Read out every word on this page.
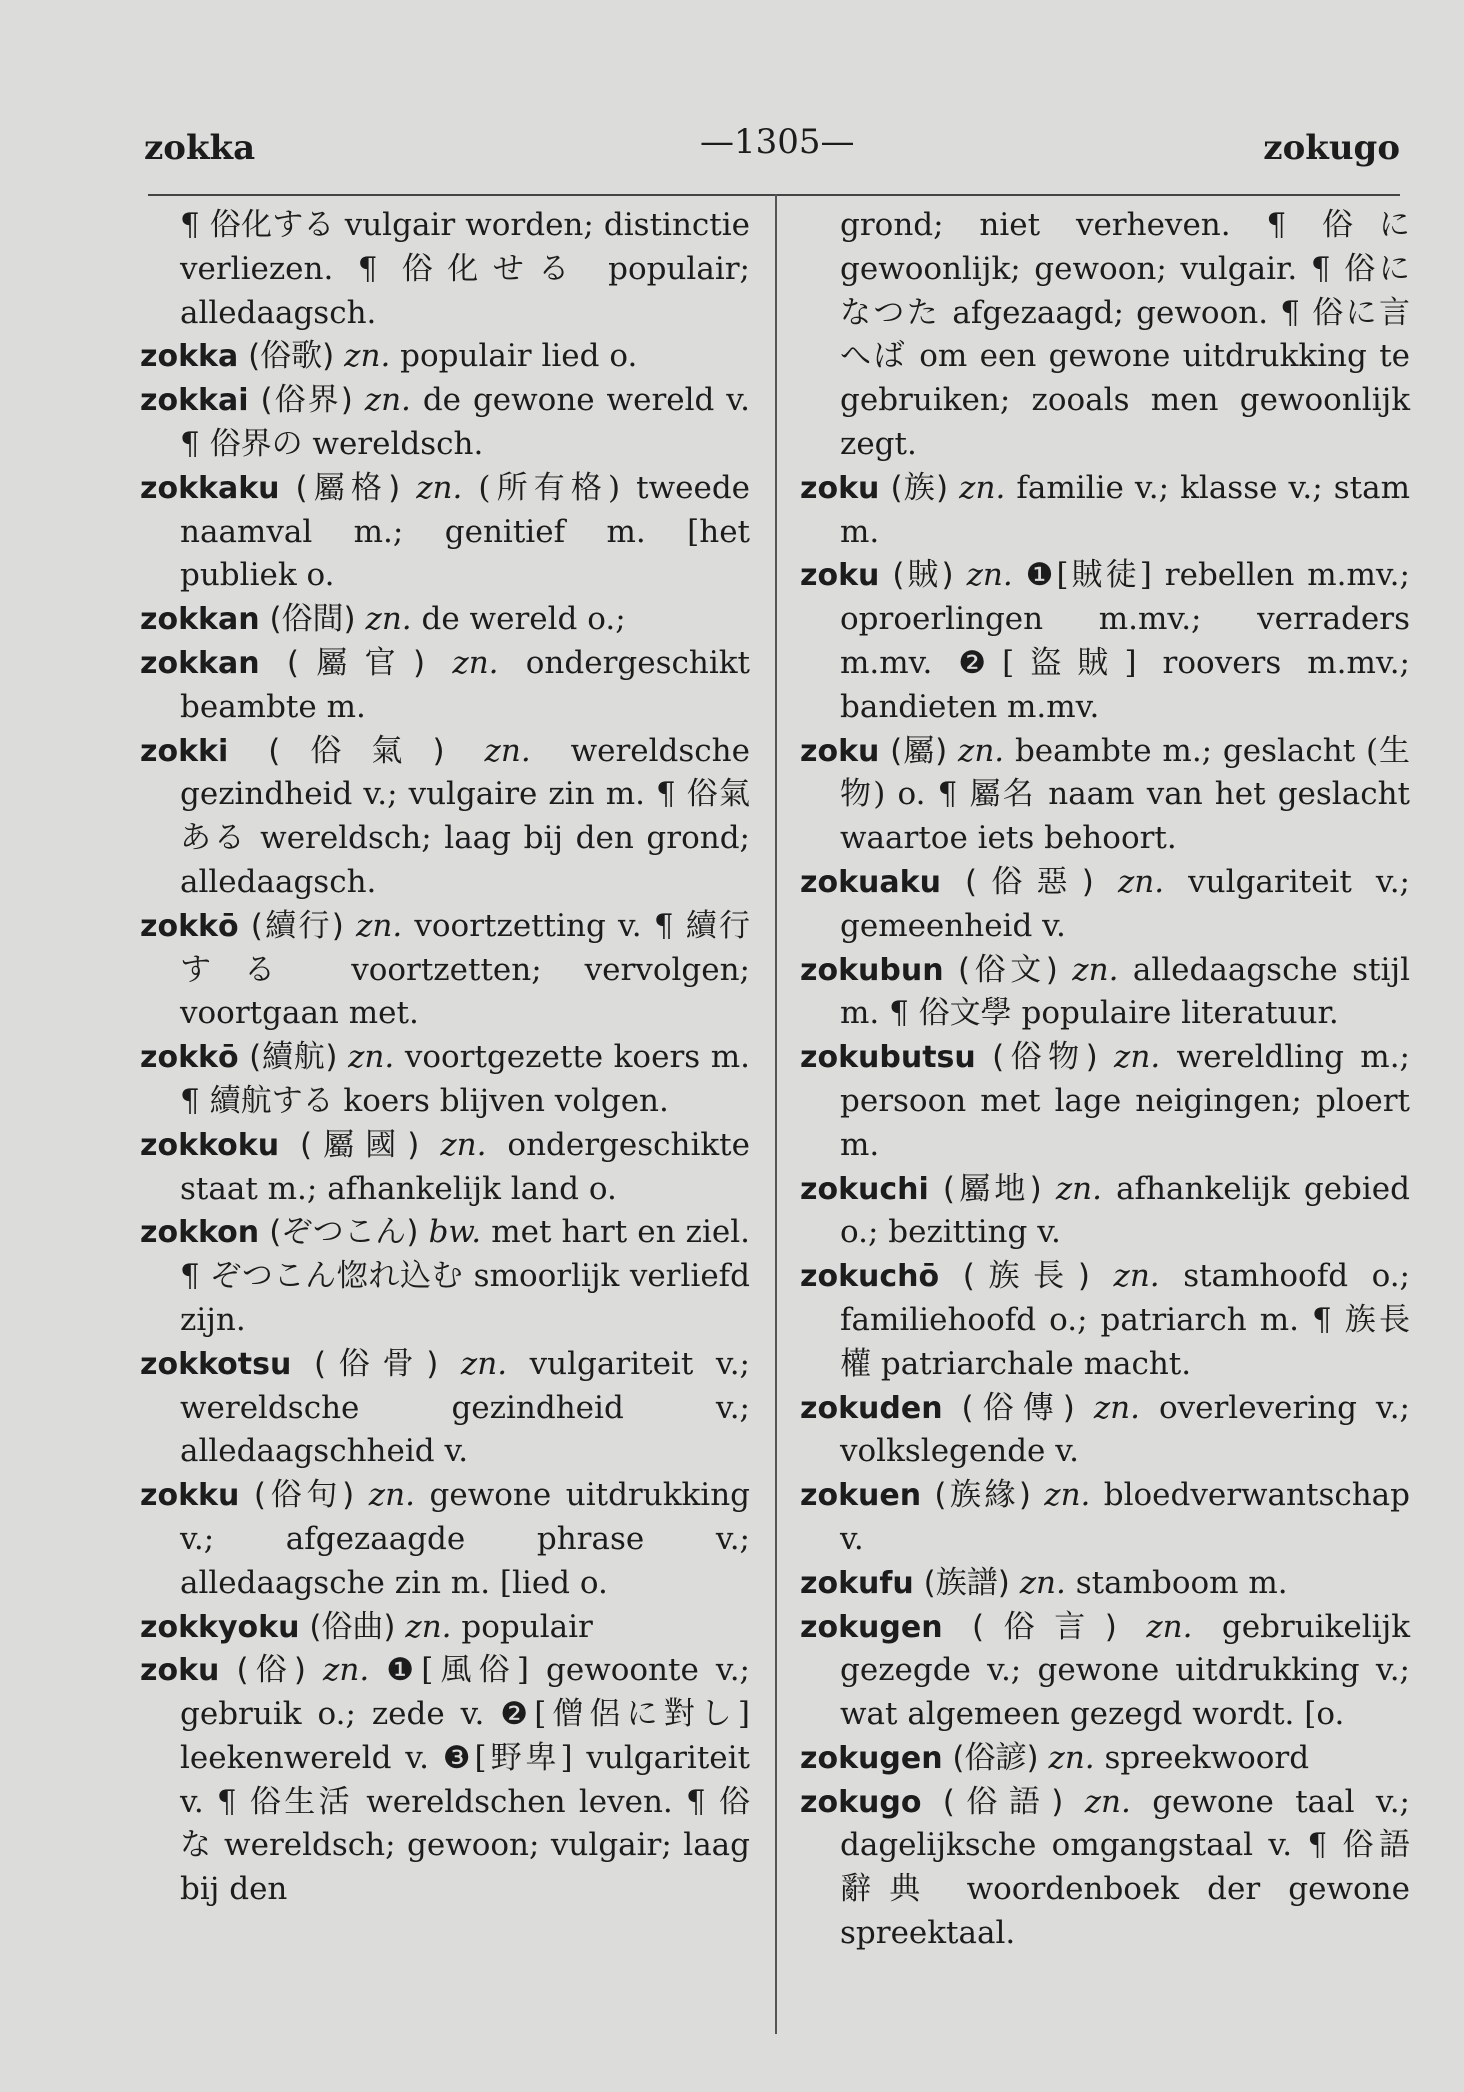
zokka	—1305—	zokugo

¶ 俗化する vulgair worden; distinctie verliezen. ¶ 俗化せる populair; alledaagsch.

zokka (俗歌) zn. populair lied o.

zokkai (俗界) zn. de gewone wereld v. ¶ 俗界の wereldsch.

zokkaku (屬格) zn. (所有格) tweede naamval m.; genitief m. [het publiek o.

zokkan (俗間) zn. de wereld o.;

zokkan (屬官) zn. ondergeschikt beambte m.

zokki (俗氣) zn. wereldsche gezindheid v.; vulgaire zin m. ¶ 俗氣ある wereldsch; laag bij den grond; alledaagsch.

zokkō (續行) zn. voortzetting v. ¶ 續行する voortzetten; vervolgen; voortgaan met.

zokkō (續航) zn. voortgezette koers m. ¶ 續航する koers blijven volgen.

zokkoku (屬國) zn. ondergeschikte staat m.; afhankelijk land o.

zokkon (ぞつこん) bw. met hart en ziel. ¶ ぞつこん惚れ込む smoorlijk verliefd zijn.

zokkotsu (俗骨) zn. vulgariteit v.; wereldsche gezindheid v.; alledaagschheid v.

zokku (俗句) zn. gewone uitdrukking v.; afgezaagde phrase v.; alledaagsche zin m. [lied o.

zokkyoku (俗曲) zn. populair

zoku (俗) zn. ❶[風俗] gewoonte v.; gebruik o.; zede v. ❷[僧侶に對し] leekenwereld v. ❸[野卑] vulgariteit v. ¶ 俗生活 wereldschen leven. ¶ 俗な wereldsch; gewoon; vulgair; laag bij den

grond; niet verheven. ¶ 俗に gewoonlijk; gewoon; vulgair. ¶ 俗になつた afgezaagd; gewoon. ¶ 俗に言へば om een gewone uitdrukking te gebruiken; zooals men gewoonlijk zegt.

zoku (族) zn. familie v.; klasse v.; stam m.

zoku (賊) zn. ❶[賊徒] rebellen m.mv.; oproerlingen m.mv.; verraders m.mv. ❷[盜賊] roovers m.mv.; bandieten m.mv.

zoku (屬) zn. beambte m.; geslacht (生物) o. ¶ 屬名 naam van het geslacht waartoe iets behoort.

zokuaku (俗惡) zn. vulgariteit v.; gemeenheid v.

zokubun (俗文) zn. alledaagsche stijl m. ¶ 俗文學 populaire literatuur.

zokubutsu (俗物) zn. wereldling m.; persoon met lage neigingen; ploert m.

zokuchi (屬地) zn. afhankelijk gebied o.; bezitting v.

zokuchō (族長) zn. stamhoofd o.; familiehoofd o.; patriarch m. ¶ 族長權 patriarchale macht.

zokuden (俗傳) zn. overlevering v.; volkslegende v.

zokuen (族緣) zn. bloedverwantschap v.

zokufu (族譜) zn. stamboom m.

zokugen (俗言) zn. gebruikelijk gezegde v.; gewone uitdrukking v.; wat algemeen gezegd wordt. [o.

zokugen (俗諺) zn. spreekwoord

zokugo (俗語) zn. gewone taal v.; dagelijksche omgangstaal v. ¶ 俗語辭典 woordenboek der gewone spreektaal.
